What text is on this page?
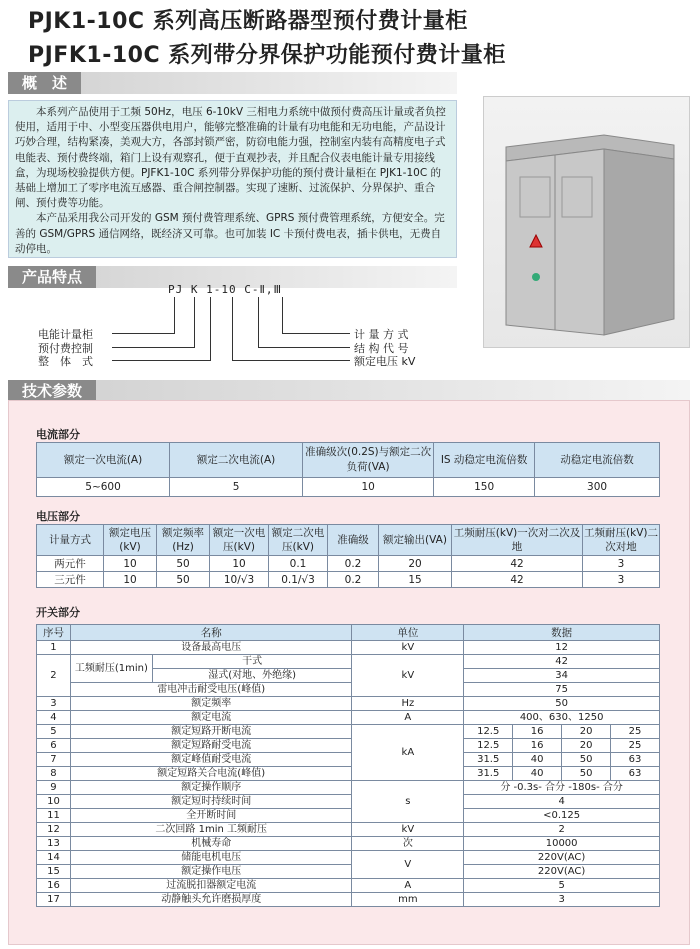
PJK1-10C 系列高压断路器型预付费计量柜
PJFK1-10C 系列带分界保护功能预付费计量柜
概　述

　　本系列产品使用于工频 50Hz，电压 6-10kV 三相电力系统中做预付费高压计量或者负控使用，适用于中、小型变压器供电用户，能够完整准确的计量有功电能和无功电能，产品设计巧妙合理，结构紧凑，美观大方，各部封锁严密，防窃电能力强，控制室内装有高精度电子式电能表、预付费终端，箱门上设有观察孔，便于直观抄表，并且配合仪表电能计量专用接线盒，为现场校验提供方便。PJFK1-10C 系列带分界保护功能的预付费计量柜在 PJK1-10C 的基础上增加工了零序电流互感器、重合闸控制器。实现了速断、过流保护、分界保护、重合闸、预付费等功能。

　　本产品采用我公司开发的 GSM 预付费管理系统、GPRS 预付费管理系统，方便安全。完善的 GSM/GPRS 通信网络，既经济又可靠。也可加装 IC 卡预付费电表，插卡供电，无费自动停电。

产品特点
PJ K 1-10 C-Ⅱ,Ⅲ
电能计量柜
预付费控制
整　体　式
计 量 方 式
结 构 代 号
额定电压 kV
技术参数
电流部分
额定一次电流(A)	额定二次电流(A)	准确级次(0.2S)与额定二次负荷(VA)	IS 动稳定电流倍数	动稳定电流倍数
5~600	5	10	150	300
电压部分
计量方式	额定电压(kV)	额定频率(Hz)	额定一次电压(kV)	额定二次电压(kV)	准确级	额定输出(VA)	工频耐压(kV)一次对二次及地	工频耐压(kV)二次对地
两元件	10	50	10	0.1	0.2	20	42	3
三元件	10	50	10/√3	0.1/√3	0.2	15	42	3
开关部分
序号	名称		单位	数据			
1	设备最高电压		kV	12			
2	工频耐压(1min)	干式	kV	42			
		湿式(对地、外绝缘)		34			
	雷电冲击耐受电压(峰值)			75			
3	额定频率		Hz	50			
4	额定电流		A	400、630、1250			
5	额定短路开断电流		kA	12.5	16	20	25
6	额定短路耐受电流			12.5	16	20	25
7	额定峰值耐受电流			31.5	40	50	63
8	额定短路关合电流(峰值)			31.5	40	50	63
9	额定操作顺序		s	分 -0.3s- 合分 -180s- 合分			
10	额定短时持续时间			4			
11	全开断时间			<0.125			
12	二次回路 1min 工频耐压		kV	2			
13	机械寿命		次	10000			
14	储能电机电压		V	220V(AC)			
15	额定操作电压			220V(AC)			
16	过流脱扣器额定电流		A	5			
17	动静触头允许磨损厚度		mm	3			
